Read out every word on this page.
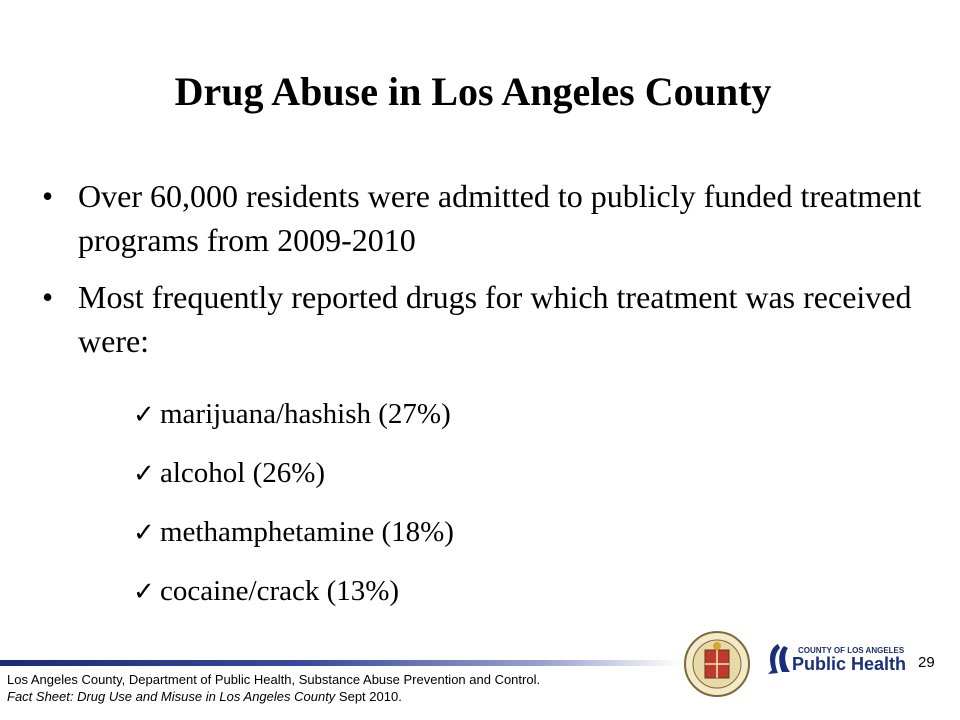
Drug Abuse in Los Angeles County
• Over 60,000 residents were admitted to publicly funded treatment programs from 2009-2010
• Most frequently reported drugs for which treatment was received were:
✓ marijuana/hashish (27%)
✓ alcohol (26%)
✓ methamphetamine (18%)
✓ cocaine/crack (13%)
Los Angeles County, Department of Public Health, Substance Abuse Prevention and Control.
Fact Sheet: Drug Use and Misuse in Los Angeles County Sept 2010.
COUNTY OF LOS ANGELES
Public Health 29
